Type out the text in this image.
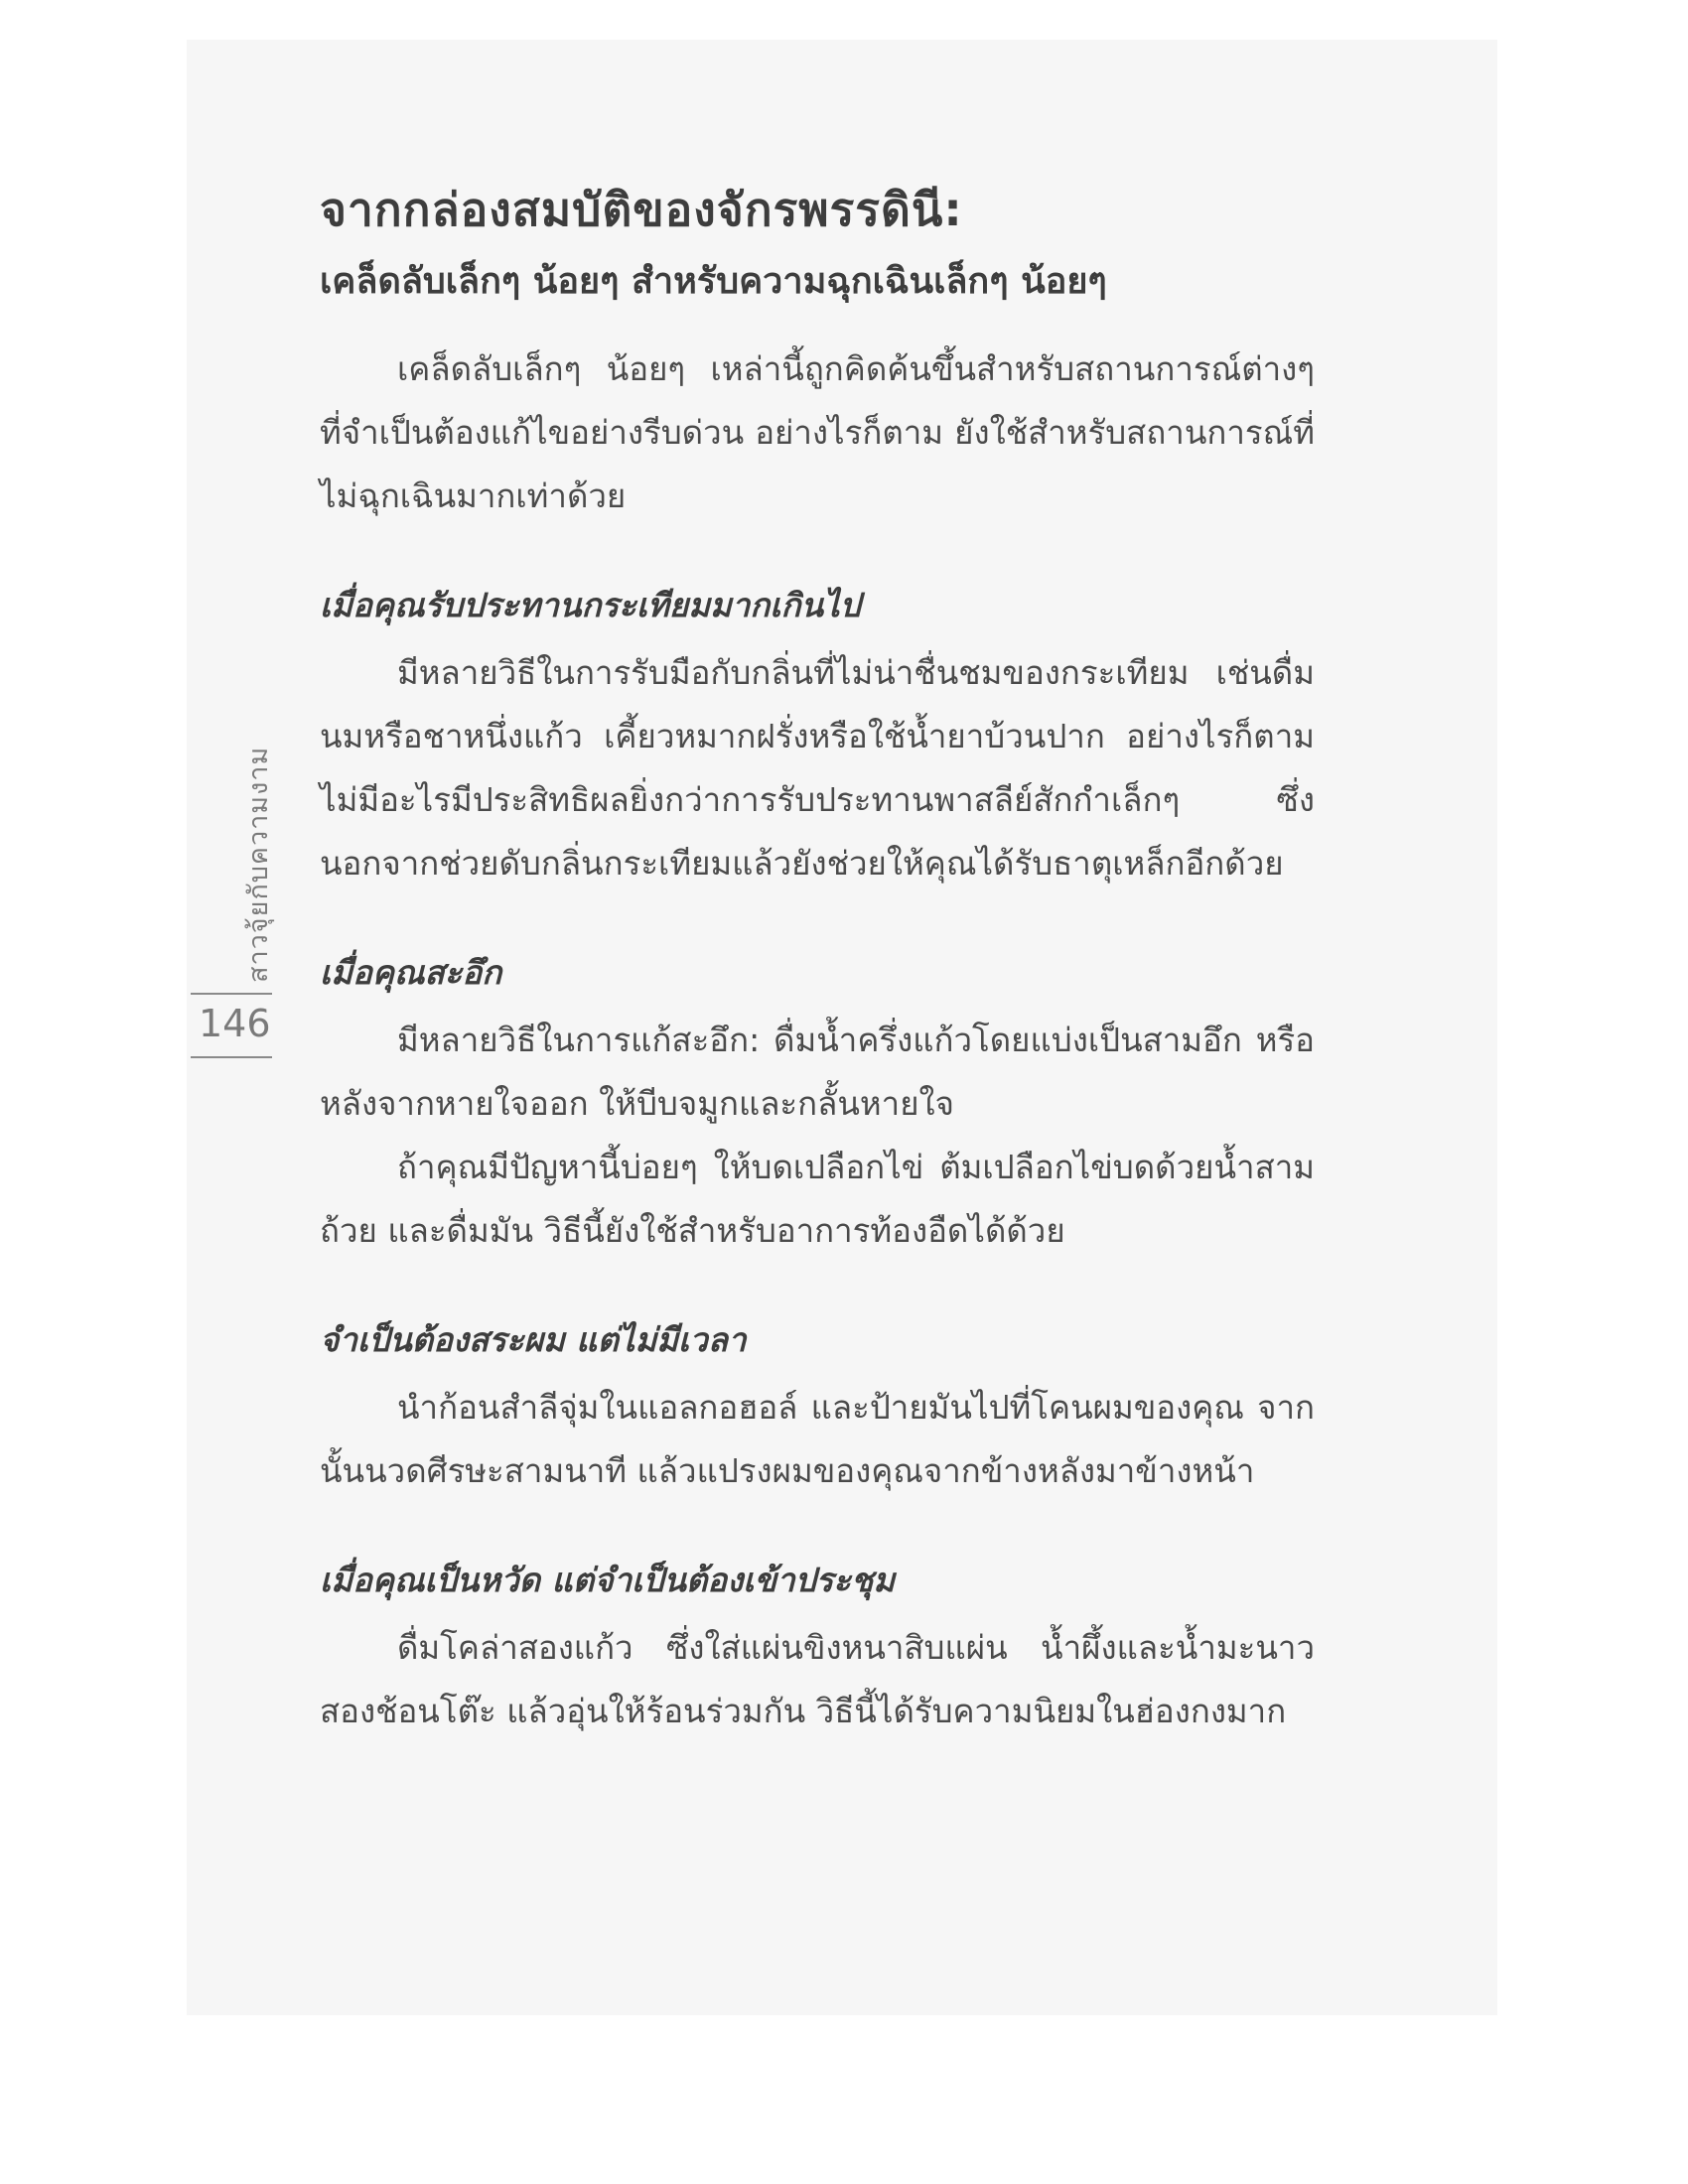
สาวจุ้ยกับความงาม
146
จากกล่องสมบัติของจักรพรรดินี:
เคล็ดลับเล็กๆ น้อยๆ สำหรับความฉุกเฉินเล็กๆ น้อยๆ

เคล็ดลับเล็กๆ น้อยๆ เหล่านี้ถูกคิดค้นขึ้นสำหรับสถานการณ์ต่างๆ ที่จำเป็นต้องแก้ไขอย่างรีบด่วน อย่างไรก็ตาม ยังใช้สำหรับสถานการณ์ที่ไม่ฉุกเฉินมากเท่าด้วย

เมื่อคุณรับประทานกระเทียมมากเกินไป

มีหลายวิธีในการรับมือกับกลิ่นที่ไม่น่าชื่นชมของกระเทียม เช่นดื่มนมหรือชาหนึ่งแก้ว เคี้ยวหมากฝรั่งหรือใช้น้ำยาบ้วนปาก อย่างไรก็ตาม ไม่มีอะไรมีประสิทธิผลยิ่งกว่าการรับประทานพาสลีย์สักกำเล็กๆ ซึ่งนอกจากช่วยดับกลิ่นกระเทียมแล้วยังช่วยให้คุณได้รับธาตุเหล็กอีกด้วย

เมื่อคุณสะอึก

มีหลายวิธีในการแก้สะอึก: ดื่มน้ำครึ่งแก้วโดยแบ่งเป็นสามอึก หรือหลังจากหายใจออก ให้บีบจมูกและกลั้นหายใจ

ถ้าคุณมีปัญหานี้บ่อยๆ ให้บดเปลือกไข่ ต้มเปลือกไข่บดด้วยน้ำสามถ้วย และดื่มมัน วิธีนี้ยังใช้สำหรับอาการท้องอืดได้ด้วย

จำเป็นต้องสระผม แต่ไม่มีเวลา

นำก้อนสำลีจุ่มในแอลกอฮอล์ และป้ายมันไปที่โคนผมของคุณ จากนั้นนวดศีรษะสามนาที แล้วแปรงผมของคุณจากข้างหลังมาข้างหน้า

เมื่อคุณเป็นหวัด แต่จำเป็นต้องเข้าประชุม

ดื่มโคล่าสองแก้ว ซึ่งใส่แผ่นขิงหนาสิบแผ่น น้ำผึ้งและน้ำมะนาวสองช้อนโต๊ะ แล้วอุ่นให้ร้อนร่วมกัน วิธีนี้ได้รับความนิยมในฮ่องกงมาก
